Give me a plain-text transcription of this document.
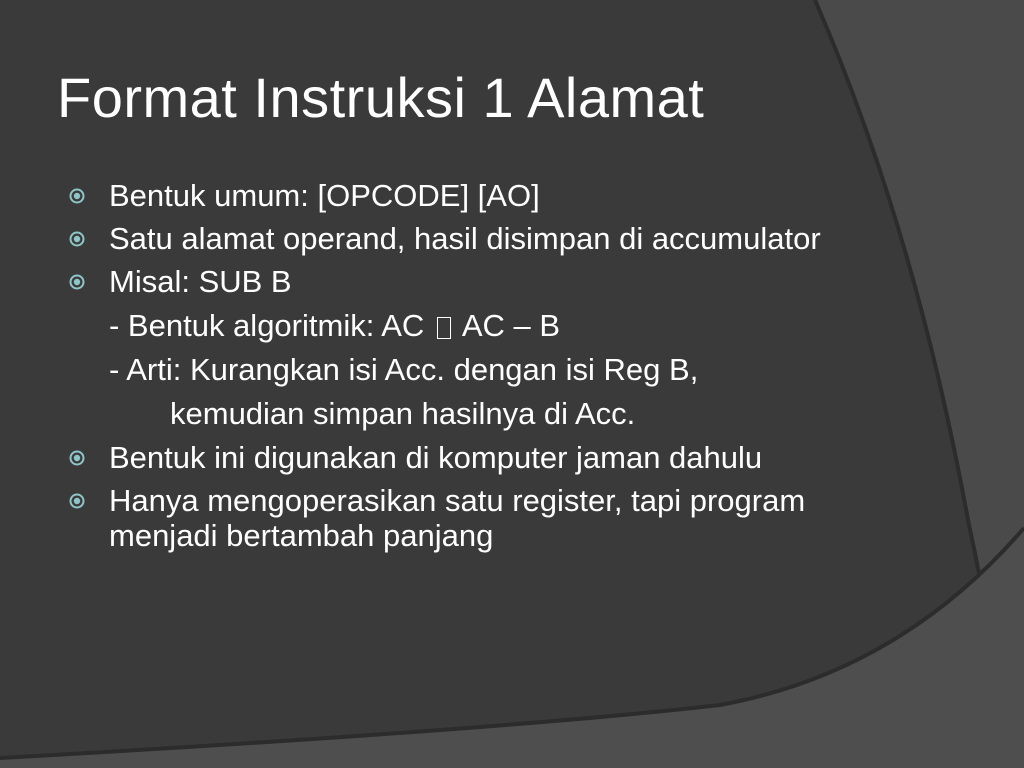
Format Instruksi 1 Alamat
Bentuk umum: [OPCODE] [AO]
Satu alamat operand, hasil disimpan di accumulator
Misal: SUB B
- Bentuk algoritmik: AC AC – B
- Arti: Kurangkan isi Acc. dengan isi Reg B,
kemudian simpan hasilnya di Acc.
Bentuk ini digunakan di komputer jaman dahulu
Hanya mengoperasikan satu register, tapi program menjadi bertambah panjang
